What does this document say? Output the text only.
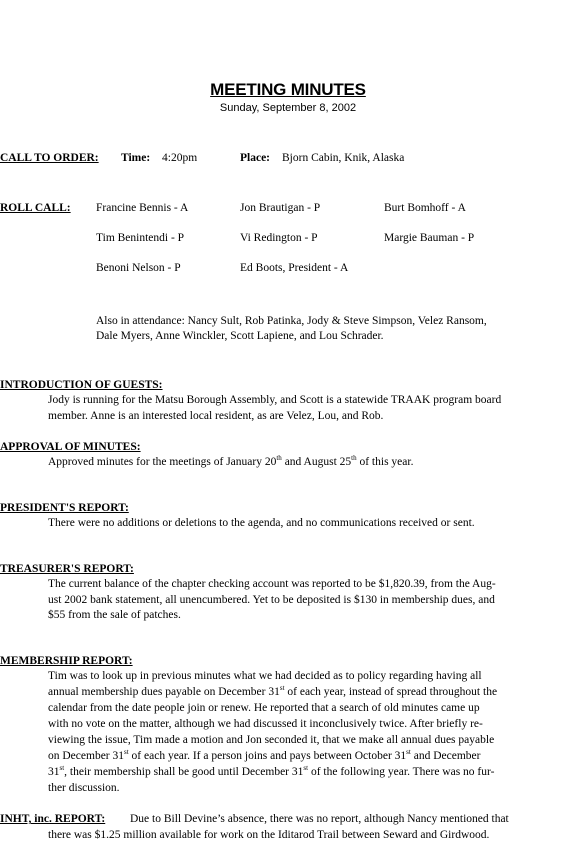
MEETING MINUTES
Sunday, September 8, 2002
CALL TO ORDER: Time: 4:20pm	Place: Bjorn Cabin, Knik, Alaska
ROLL CALL: Francine Bennis - A	Jon Brautigan - P	Burt Bomhoff - A
Tim Benintendi - P	Vi Redington - P	Margie Bauman - P
Benoni Nelson - P	Ed Boots, President - A
Also in attendance: Nancy Sult, Rob Patinka, Jody & Steve Simpson, Velez Ransom,
Dale Myers, Anne Winckler, Scott Lapiene, and Lou Schrader.
INTRODUCTION OF GUESTS:
Jody is running for the Matsu Borough Assembly, and Scott is a statewide TRAAK program board
member. Anne is an interested local resident, as are Velez, Lou, and Rob.
APPROVAL OF MINUTES:
Approved minutes for the meetings of January 20th and August 25th of this year.
PRESIDENT'S REPORT:
There were no additions or deletions to the agenda, and no communications received or sent.
TREASURER'S REPORT:
The current balance of the chapter checking account was reported to be $1,820.39, from the Aug-
ust 2002 bank statement, all unencumbered. Yet to be deposited is $130 in membership dues, and
$55 from the sale of patches.
MEMBERSHIP REPORT:
Tim was to look up in previous minutes what we had decided as to policy regarding having all
annual membership dues payable on December 31st of each year, instead of spread throughout the
calendar from the date people join or renew. He reported that a search of old minutes came up
with no vote on the matter, although we had discussed it inconclusively twice. After briefly re-
viewing the issue, Tim made a motion and Jon seconded it, that we make all annual dues payable
on December 31st of each year. If a person joins and pays between October 31st and December
31st, their membership shall be good until December 31st of the following year. There was no fur-
ther discussion.
INHT, inc. REPORT: Due to Bill Devine’s absence, there was no report, although Nancy mentioned that
there was $1.25 million available for work on the Iditarod Trail between Seward and Girdwood.
